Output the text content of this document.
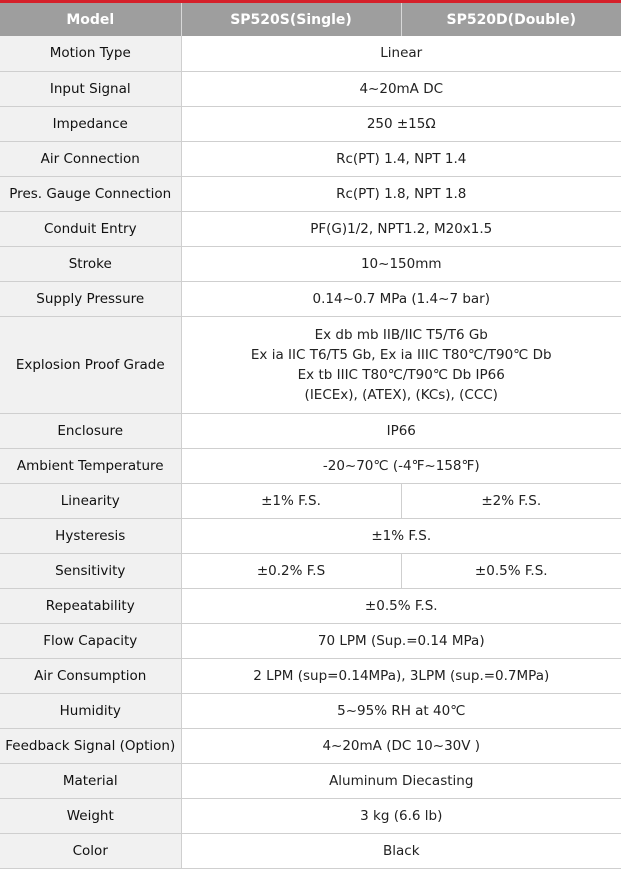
Model	SP520S(Single)	SP520D(Double)
Motion Type	Linear	
Input Signal	4~20mA DC	
Impedance	250 ±15Ω	
Air Connection	Rc(PT) 1.4, NPT 1.4	
Pres. Gauge Connection	Rc(PT) 1.8, NPT 1.8	
Conduit Entry	PF(G)1/2, NPT1.2, M20x1.5	
Stroke	10~150mm	
Supply Pressure	0.14~0.7 MPa (1.4~7 bar)	
Explosion Proof Grade	Ex db mb IIB/IIC T5/T6 Gb
Ex ia IIC T6/T5 Gb, Ex ia IIIC T80℃/T90℃ Db
Ex tb IIIC T80℃/T90℃ Db IP66
(IECEx), (ATEX), (KCs), (CCC)	

Enclosure	IP66	
Ambient Temperature	-20~70℃ (-4℉~158℉)	
Linearity	±1% F.S.	±2% F.S.
Hysteresis	±1% F.S.	
Sensitivity	±0.2% F.S	±0.5% F.S.
Repeatability	±0.5% F.S.	
Flow Capacity	70 LPM (Sup.=0.14 MPa)	
Air Consumption	2 LPM (sup=0.14MPa), 3LPM (sup.=0.7MPa)	
Humidity	5~95% RH at 40℃	
Feedback Signal (Option)	4~20mA (DC 10~30V )	
Material	Aluminum Diecasting	
Weight	3 kg (6.6 lb)	
Color	Black	
